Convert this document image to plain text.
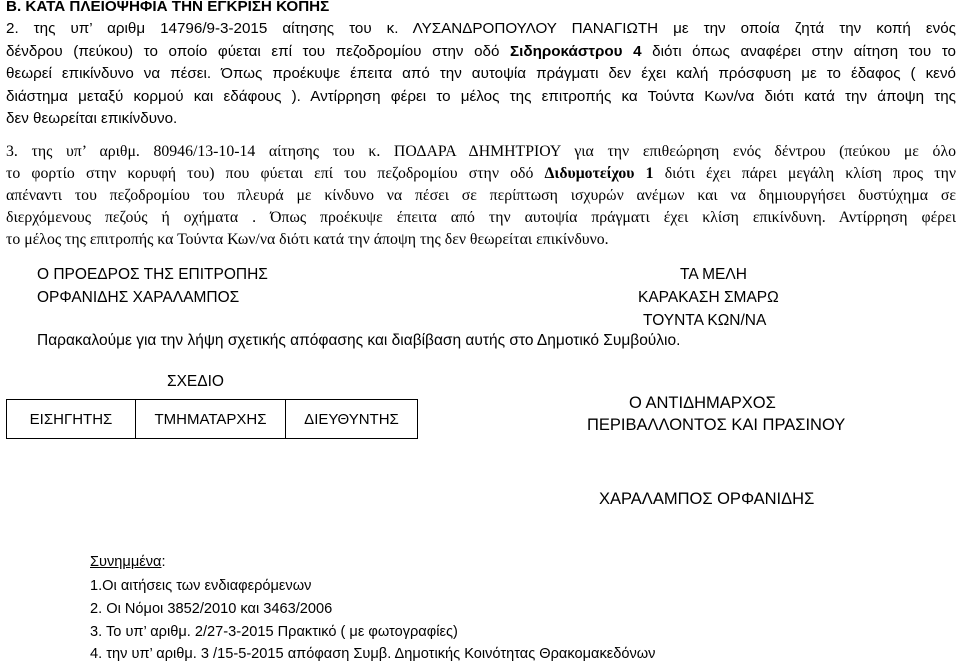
Β. ΚΑΤΑ ΠΛΕΙΟΨΗΦΙΑ ΤΗΝ ΕΓΚΡΙΣΗ ΚΟΠΗΣ
2. της υπ’ αριθμ 14796/9-3-2015 αίτησης του κ. ΛΥΣΑΝΔΡΟΠΟΥΛΟΥ ΠΑΝΑΓΙΩΤΗ με την οποία ζητά την κοπή ενός
δένδρου (πεύκου) το οποίο φύεται επί του πεζοδρομίου στην οδό Σιδηροκάστρου 4 διότι όπως αναφέρει στην αίτηση του το
θεωρεί επικίνδυνο να πέσει. Όπως προέκυψε έπειτα από την αυτοψία πράγματι δεν έχει καλή πρόσφυση με το έδαφος ( κενό
διάστημα μεταξύ κορμού και εδάφους ). Αντίρρηση φέρει το μέλος της επιτροπής κα Τούντα Κων/να διότι κατά την άποψη της
δεν θεωρείται επικίνδυνο.
3. της υπ’ αριθμ. 80946/13-10-14 αίτησης του κ. ΠΟΔΑΡΑ ΔΗΜΗΤΡΙΟΥ για την επιθεώρηση ενός δέντρου (πεύκου με όλο
το φορτίο στην κορυφή του) που φύεται επί του πεζοδρομίου στην οδό Διδυμοτείχου 1 διότι έχει πάρει μεγάλη κλίση προς την
απέναντι του πεζοδρομίου του πλευρά με κίνδυνο να πέσει σε περίπτωση ισχυρών ανέμων και να δημιουργήσει δυστύχημα σε
διερχόμενους πεζούς ή οχήματα . Όπως προέκυψε έπειτα από την αυτοψία πράγματι έχει κλίση επικίνδυνη. Αντίρρηση φέρει
το μέλος της επιτροπής κα Τούντα Κων/να διότι κατά την άποψη της δεν θεωρείται επικίνδυνο.
Ο ΠΡΟΕΔΡΟΣ ΤΗΣ ΕΠΙΤΡΟΠΗΣ
ΟΡΦΑΝΙΔΗΣ ΧΑΡΑΛΑΜΠΟΣ
ΤΑ ΜΕΛΗ
ΚΑΡΑΚΑΣΗ ΣΜΑΡΩ
ΤΟΥΝΤΑ ΚΩΝ/ΝΑ
Παρακαλούμε για την λήψη σχετικής απόφασης και διαβίβαση αυτής στο Δημοτικό Συμβούλιο.
ΣΧΕΔΙΟ
ΕΙΣΗΓΗΤΗΣ	ΤΜΗΜΑΤΑΡΧΗΣ	ΔΙΕΥΘΥΝΤΗΣ
Ο ΑΝΤΙΔΗΜΑΡΧΟΣ
ΠΕΡΙΒΑΛΛΟΝΤΟΣ ΚΑΙ ΠΡΑΣΙΝΟΥ
ΧΑΡΑΛΑΜΠΟΣ ΟΡΦΑΝΙΔΗΣ
Συνημμένα:
1.Οι αιτήσεις των ενδιαφερόμενων
2. Οι Νόμοι 3852/2010 και 3463/2006
3. Το υπ’ αριθμ. 2/27-3-2015 Πρακτικό ( με φωτογραφίες)
4. την υπ’ αριθμ. 3 /15-5-2015 απόφαση Συμβ. Δημοτικής Κοινότητας Θρακομακεδόνων
